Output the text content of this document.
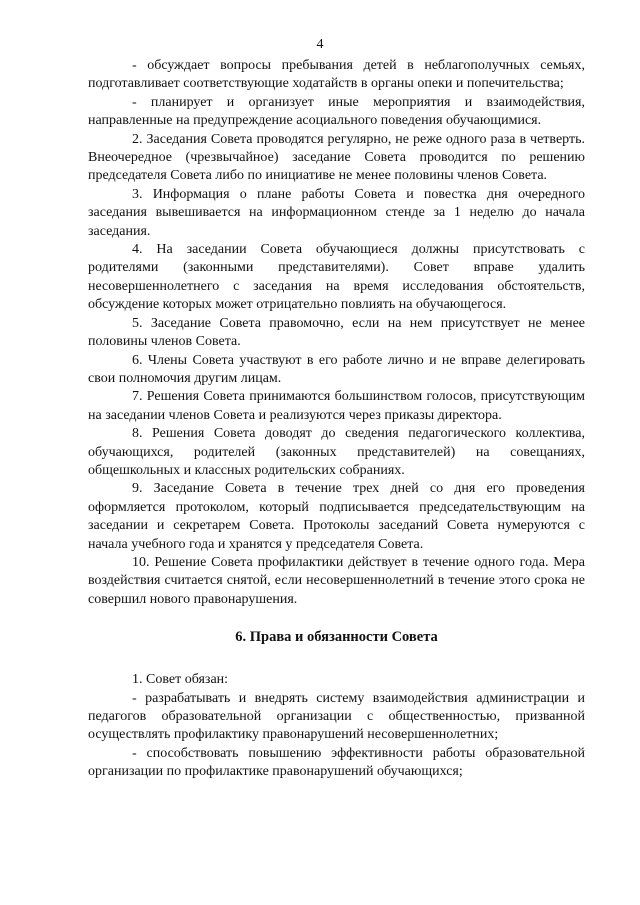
4

- обсуждает вопросы пребывания детей в неблагополучных семьях, подготавливает соответствующие ходатайств в органы опеки и попечительства;

- планирует и организует иные мероприятия и взаимодействия, направленные на предупреждение асоциального поведения обучающимися.

2. Заседания Совета проводятся регулярно, не реже одного раза в четверть. Внеочередное (чрезвычайное) заседание Совета проводится по решению председателя Совета либо по инициативе не менее половины членов Совета.

3. Информация о плане работы Совета и повестка дня очередного заседания вывешивается на информационном стенде за 1 неделю до начала заседания.

4. На заседании Совета обучающиеся должны присутствовать с родителями (законными представителями). Совет вправе удалить несовершеннолетнего с заседания на время исследования обстоятельств, обсуждение которых может отрицательно повлиять на обучающегося.

5. Заседание Совета правомочно, если на нем присутствует не менее половины членов Совета.

6. Члены Совета участвуют в его работе лично и не вправе делегировать свои полномочия другим лицам.

7. Решения Совета принимаются большинством голосов, присутствующим на заседании членов Совета и реализуются через приказы директора.

8. Решения Совета доводят до сведения педагогического коллектива, обучающихся, родителей (законных представителей) на совещаниях, общешкольных и классных родительских собраниях.

9. Заседание Совета в течение трех дней со дня его проведения оформляется протоколом, который подписывается председательствующим на заседании и секретарем Совета. Протоколы заседаний Совета нумеруются с начала учебного года и хранятся у председателя Совета.

10. Решение Совета профилактики действует в течение одного года. Мера воздействия считается снятой, если несовершеннолетний в течение этого срока не совершил нового правонарушения.

6. Права и обязанности Совета

1. Совет обязан:

- разрабатывать и внедрять систему взаимодействия администрации и педагогов образовательной организации с общественностью, призванной осуществлять профилактику правонарушений несовершеннолетних;

- способствовать повышению эффективности работы образовательной организации по профилактике правонарушений обучающихся;
